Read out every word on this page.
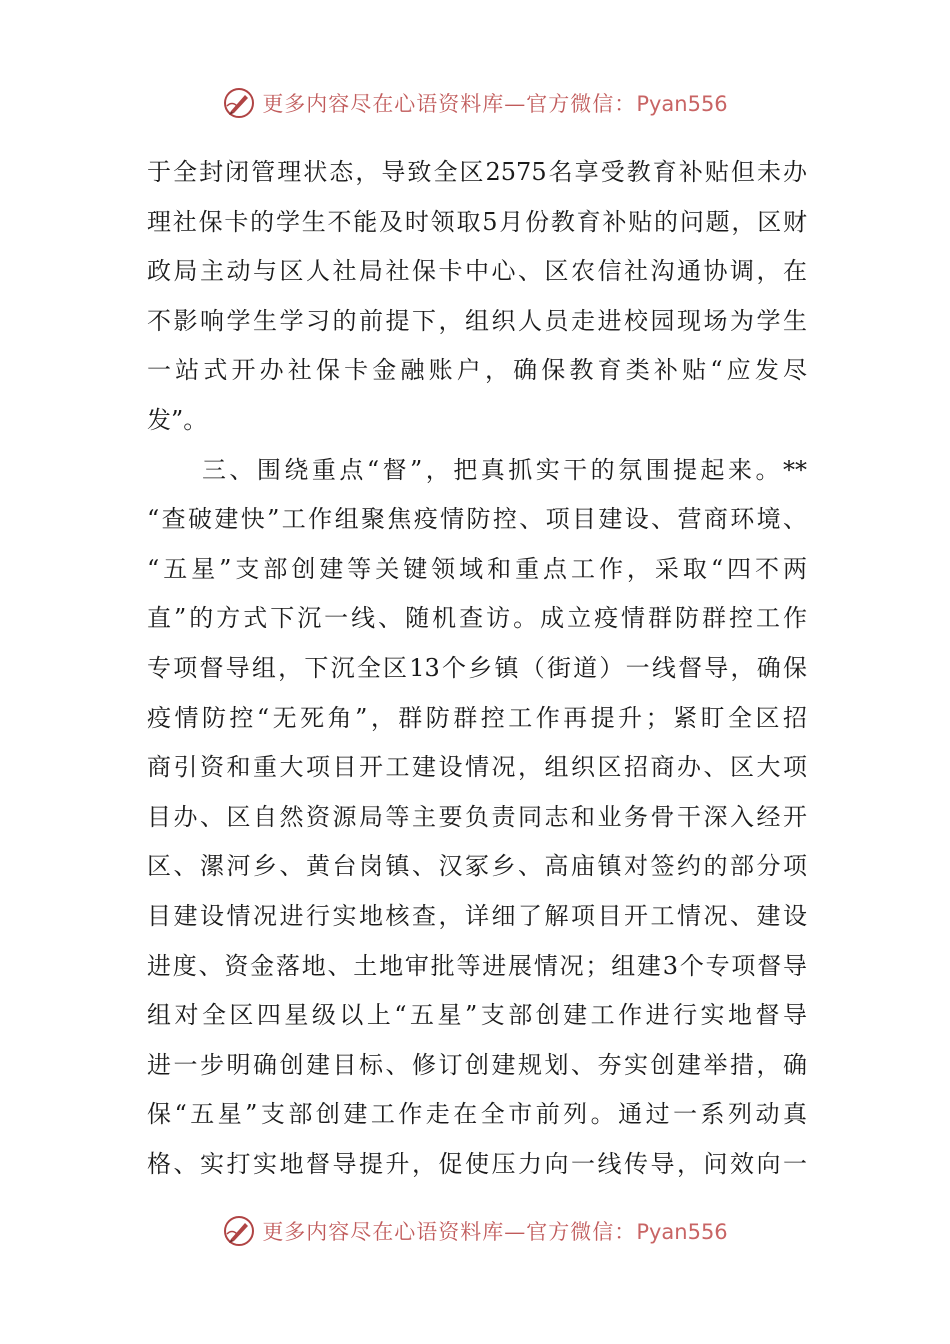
更多内容尽在心语资料库—官方微信：Pyan556
于全封闭管理状态，导致全区2575名享受教育补贴但未办
理社保卡的学生不能及时领取5月份教育补贴的问题，区财
政局主动与区人社局社保卡中心、区农信社沟通协调，在
不影响学生学习的前提下，组织人员走进校园现场为学生
一站式开办社保卡金融账户，确保教育类补贴“应发尽
发”。
　　三、围绕重点“督”，把真抓实干的氛围提起来。**
“查破建快”工作组聚焦疫情防控、项目建设、营商环境、
“五星”支部创建等关键领域和重点工作，采取“四不两
直”的方式下沉一线、随机查访。成立疫情群防群控工作
专项督导组，下沉全区13个乡镇（街道）一线督导，确保
疫情防控“无死角”，群防群控工作再提升；紧盯全区招
商引资和重大项目开工建设情况，组织区招商办、区大项
目办、区自然资源局等主要负责同志和业务骨干深入经开
区、漯河乡、黄台岗镇、汉冢乡、高庙镇对签约的部分项
目建设情况进行实地核查，详细了解项目开工情况、建设
进度、资金落地、土地审批等进展情况；组建3个专项督导
组对全区四星级以上“五星”支部创建工作进行实地督导
进一步明确创建目标、修订创建规划、夯实创建举措，确
保“五星”支部创建工作走在全市前列。通过一系列动真
格、实打实地督导提升，促使压力向一线传导，问效向一
更多内容尽在心语资料库—官方微信：Pyan556
